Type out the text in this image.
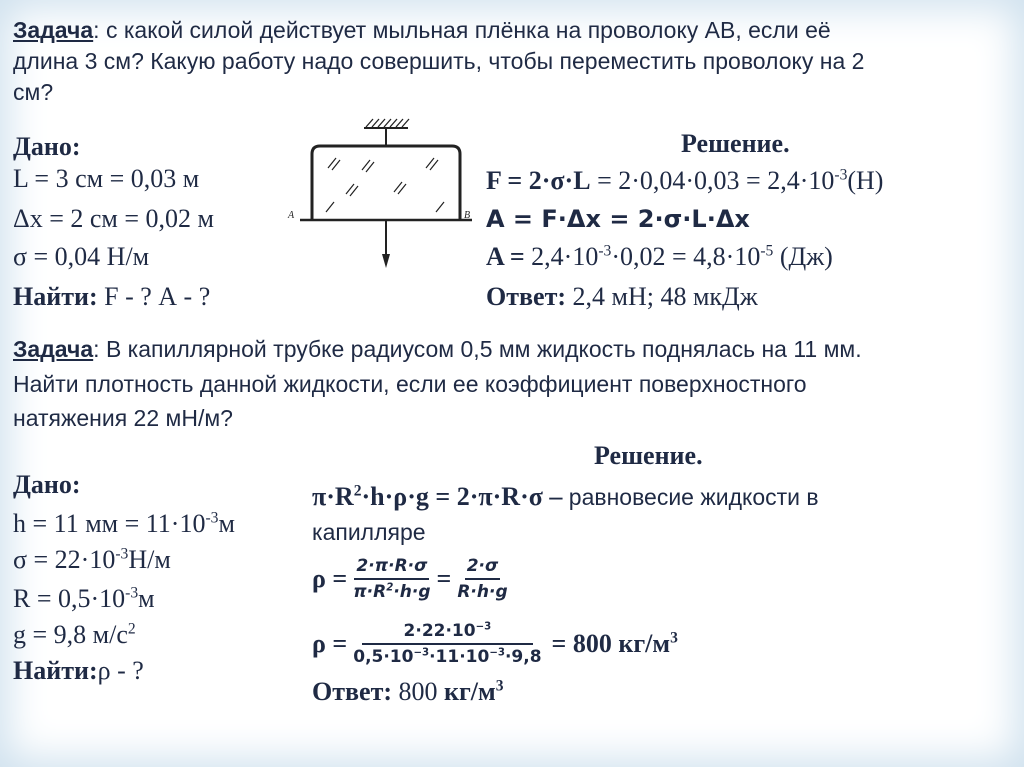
Задача: с какой силой действует мыльная плёнка на проволоку АВ, если её
длина 3 см? Какую работу надо совершить, чтобы переместить проволоку на 2
см?
Дано:
L = 3 см = 0,03 м
Δx = 2 см = 0,02 м
σ = 0,04 Н/м
Найти: F - ? А - ?
A	B
Решение.
$F = 2\cdot\sigma\cdot L = 2\cdot 0,04\cdot 0,03 = 2,4\cdot 10^{-3}(Н)$
A = F·Δx = 2·σ·L·Δx
$A = 2,4\cdot 10^{-3}\cdot 0,02 = 4,8\cdot 10^{-5}$ (Дж)
Ответ: 2,4 мН; 48 мкДж
Задача: В капиллярной трубке радиусом 0,5 мм жидкость поднялась на 11 мм.
Найти плотность данной жидкости, если ее коэффициент поверхностного
натяжения 22 мН/м?
Дано:
h = 11 мм = $11\cdot 10^{-3}м$
$\sigma = 22\cdot 10^{-3}Н/м$
$R = 0,5\cdot 10^{-3}м$
g = 9,8 $м/с^2$
Найти:ρ - ?
Решение.
$\pi\cdot R^2\cdot h\cdot\rho\cdot g = 2\cdot\pi\cdot R\cdot\sigma$ – равновесие жидкости в
капилляре
$\rho = \frac{2\cdot\pi\cdot R\cdot\sigma}{\pi\cdot R^2\cdot h\cdot g} = \frac{2\cdot\sigma}{R\cdot h\cdot g}$
$\rho = \frac{2\cdot 22\cdot 10^{-3}}{0,5\cdot 10^{-3}\cdot 11\cdot 10^{-3}\cdot 9,8} = 800$ $кг/м^3$
Ответ: 800 $кг/м^3$
